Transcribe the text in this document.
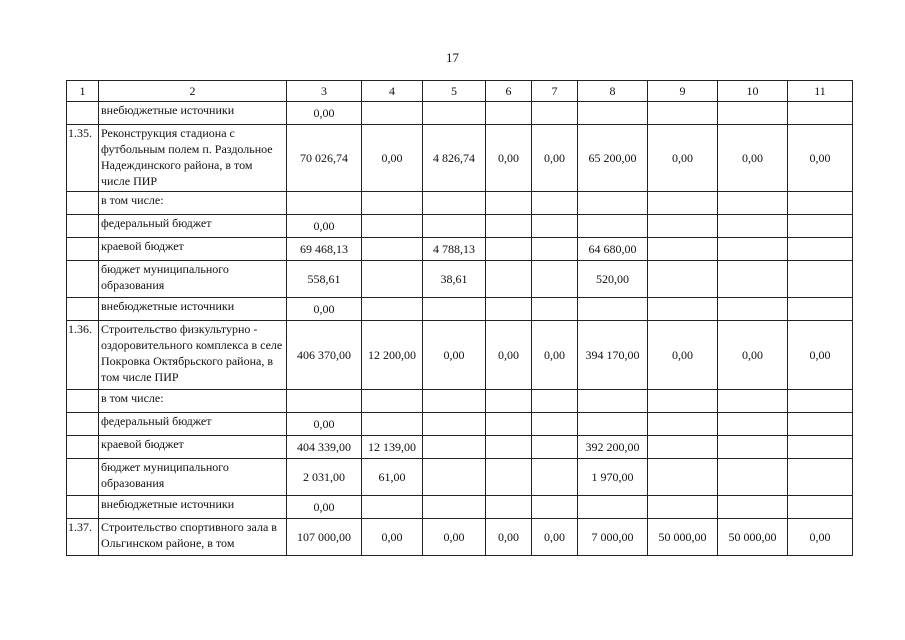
17
1	2	3	4	5	6	7	8	9	10	11
	внебюджетные источники	0,00								
1.35.	Реконструкция стадиона с футбольным полем п. Раздольное Надеждинского района, в том числе ПИР	70 026,74	0,00	4 826,74	0,00	0,00	65 200,00	0,00	0,00	0,00
	в том числе:									
	федеральный бюджет	0,00								
	краевой бюджет	69 468,13		4 788,13			64 680,00			
	бюджет муниципального образования	558,61		38,61			520,00			
	внебюджетные источники	0,00								
1.36.	Строительство физкультурно - оздоровительного комплекса в селе Покровка Октябрьского района, в том числе ПИР	406 370,00	12 200,00	0,00	0,00	0,00	394 170,00	0,00	0,00	0,00
	в том числе:									
	федеральный бюджет	0,00								
	краевой бюджет	404 339,00	12 139,00				392 200,00			
	бюджет муниципального образования	2 031,00	61,00				1 970,00			
	внебюджетные источники	0,00								
1.37.	Строительство спортивного зала в Ольгинском районе, в том	107 000,00	0,00	0,00	0,00	0,00	7 000,00	50 000,00	50 000,00	0,00
